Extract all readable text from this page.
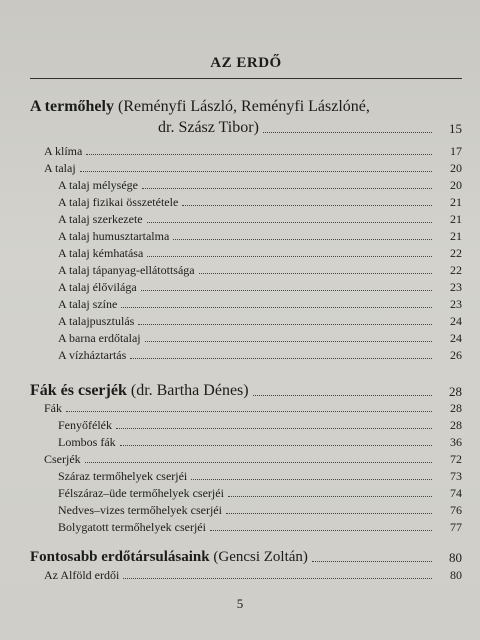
AZ ERDŐ
A termőhely (Reményfi László, Reményfi Lászlóné,
dr. Szász Tibor)	15
A klíma	17
A talaj	20
A talaj mélysége	20
A talaj fizikai összetétele	21
A talaj szerkezete	21
A talaj humusztartalma	21
A talaj kémhatása	22
A talaj tápanyag-ellátottsága	22
A talaj élővilága	23
A talaj színe	23
A talajpusztulás	24
A barna erdőtalaj	24
A vízháztartás	26
Fák és cserjék (dr. Bartha Dénes)	28
Fák	28
Fenyőfélék	28
Lombos fák	36
Cserjék	72
Száraz termőhelyek cserjéi	73
Félszáraz–üde termőhelyek cserjéi	74
Nedves–vizes termőhelyek cserjéi	76
Bolygatott termőhelyek cserjéi	77
Fontosabb erdőtársulásaink (Gencsi Zoltán)	80
Az Alföld erdői	80
5
